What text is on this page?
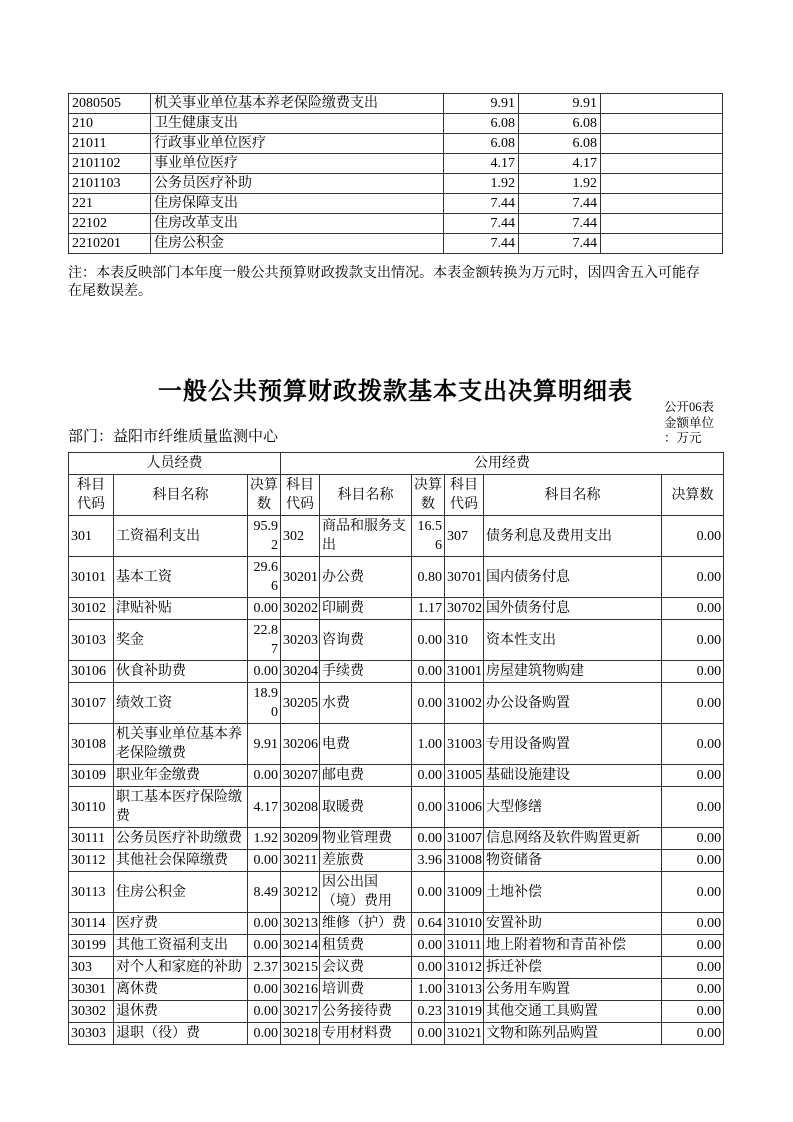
2080505	机关事业单位基本养老保险缴费支出	9.91	9.91	
210	卫生健康支出	6.08	6.08	
21011	行政事业单位医疗	6.08	6.08	
2101102	事业单位医疗	4.17	4.17	
2101103	公务员医疗补助	1.92	1.92	
221	住房保障支出	7.44	7.44	
22102	住房改革支出	7.44	7.44	
2210201	住房公积金	7.44	7.44	
注：本表反映部门本年度一般公共预算财政拨款支出情况。本表金额转换为万元时，因四舍五入可能存在尾数误差。
一般公共预算财政拨款基本支出决算明细表
公开06表
金额单位
：万元
部门：益阳市纤维质量监测中心
人员经费			公用经费					
科目代码	科目名称	决算数	科目代码	科目名称	决算数	科目代码	科目名称	决算数
301	工资福利支出	95.92	302	商品和服务支出	16.56	307	债务利息及费用支出	0.00
30101	基本工资	29.66	30201	办公费	0.80	30701	国内债务付息	0.00
30102	津贴补贴	0.00	30202	印刷费	1.17	30702	国外债务付息	0.00
30103	奖金	22.87	30203	咨询费	0.00	310	资本性支出	0.00
30106	伙食补助费	0.00	30204	手续费	0.00	31001	房屋建筑物购建	0.00
30107	绩效工资	18.90	30205	水费	0.00	31002	办公设备购置	0.00
30108	机关事业单位基本养老保险缴费	9.91	30206	电费	1.00	31003	专用设备购置	0.00
30109	职业年金缴费	0.00	30207	邮电费	0.00	31005	基础设施建设	0.00
30110	职工基本医疗保险缴费	4.17	30208	取暖费	0.00	31006	大型修缮	0.00
30111	公务员医疗补助缴费	1.92	30209	物业管理费	0.00	31007	信息网络及软件购置更新	0.00
30112	其他社会保障缴费	0.00	30211	差旅费	3.96	31008	物资储备	0.00
30113	住房公积金	8.49	30212	因公出国（境）费用	0.00	31009	土地补偿	0.00
30114	医疗费	0.00	30213	维修（护）费	0.64	31010	安置补助	0.00
30199	其他工资福利支出	0.00	30214	租赁费	0.00	31011	地上附着物和青苗补偿	0.00
303	对个人和家庭的补助	2.37	30215	会议费	0.00	31012	拆迁补偿	0.00
30301	离休费	0.00	30216	培训费	1.00	31013	公务用车购置	0.00
30302	退休费	0.00	30217	公务接待费	0.23	31019	其他交通工具购置	0.00
30303	退职（役）费	0.00	30218	专用材料费	0.00	31021	文物和陈列品购置	0.00
